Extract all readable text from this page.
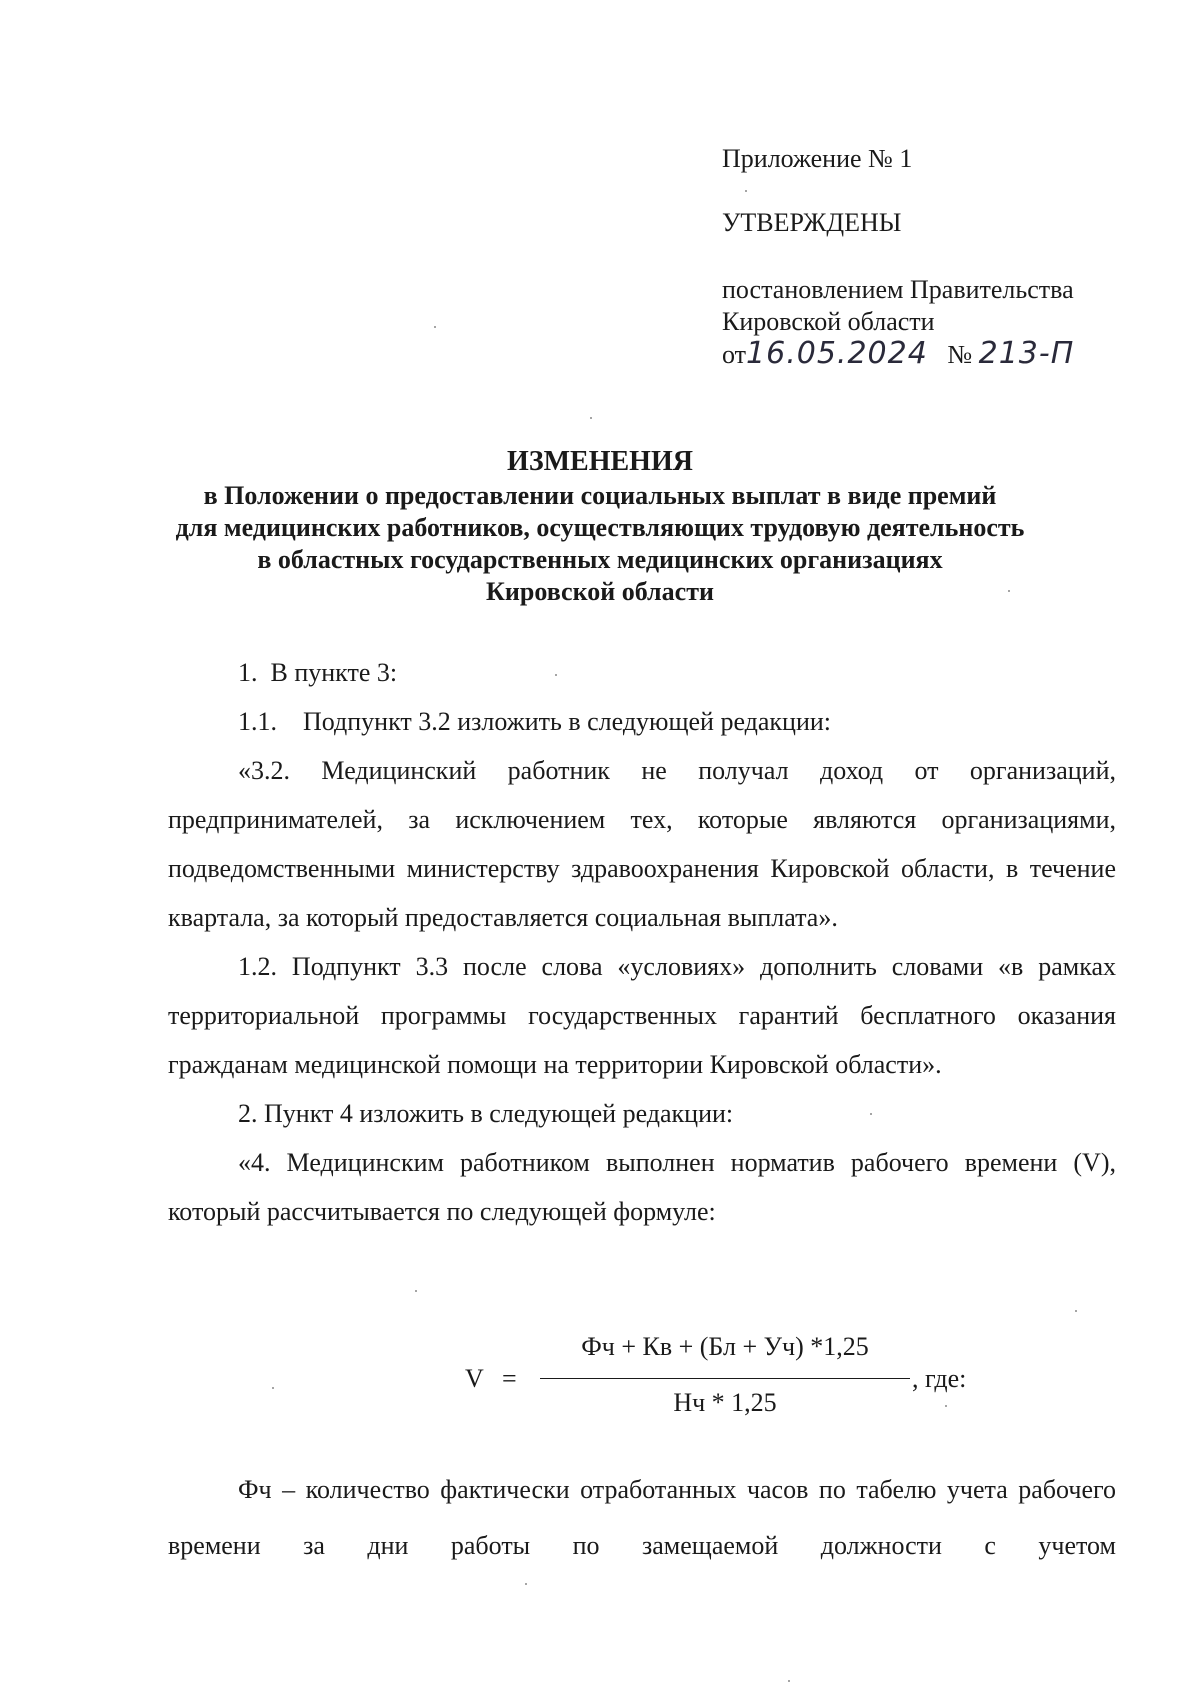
Приложение № 1
УТВЕРЖДЕНЫ
постановлением Правительства
Кировской области
от16.05.2024 № 213-П
ИЗМЕНЕНИЯ
в Положении о предоставлении социальных выплат в виде премий
для медицинских работников, осуществляющих трудовую деятельность
в областных государственных медицинских организациях
Кировской области

1.  В пункте 3:

1.1.    Подпункт 3.2 изложить в следующей редакции:

«3.2. Медицинский работник не получал доход от организаций, предпринимателей, за исключением тех, которые являются организациями, подведомственными министерству здравоохранения Кировской области, в течение квартала, за который предоставляется социальная выплата».

1.2. Подпункт 3.3 после слова «условиях» дополнить словами «в рамках территориальной программы государственных гарантий бесплатного оказания гражданам медицинской помощи на территории Кировской области».

2. Пункт 4 изложить в следующей редакции:

«4. Медицинским работником выполнен норматив рабочего времени (V), который рассчитывается по следующей формуле:

V =
Фч + Кв + (Бл + Уч) *1,25
Нч * 1,25
, где:

Фч – количество фактически отработанных часов по табелю учета рабочего времени за дни работы по замещаемой должности с учетом
